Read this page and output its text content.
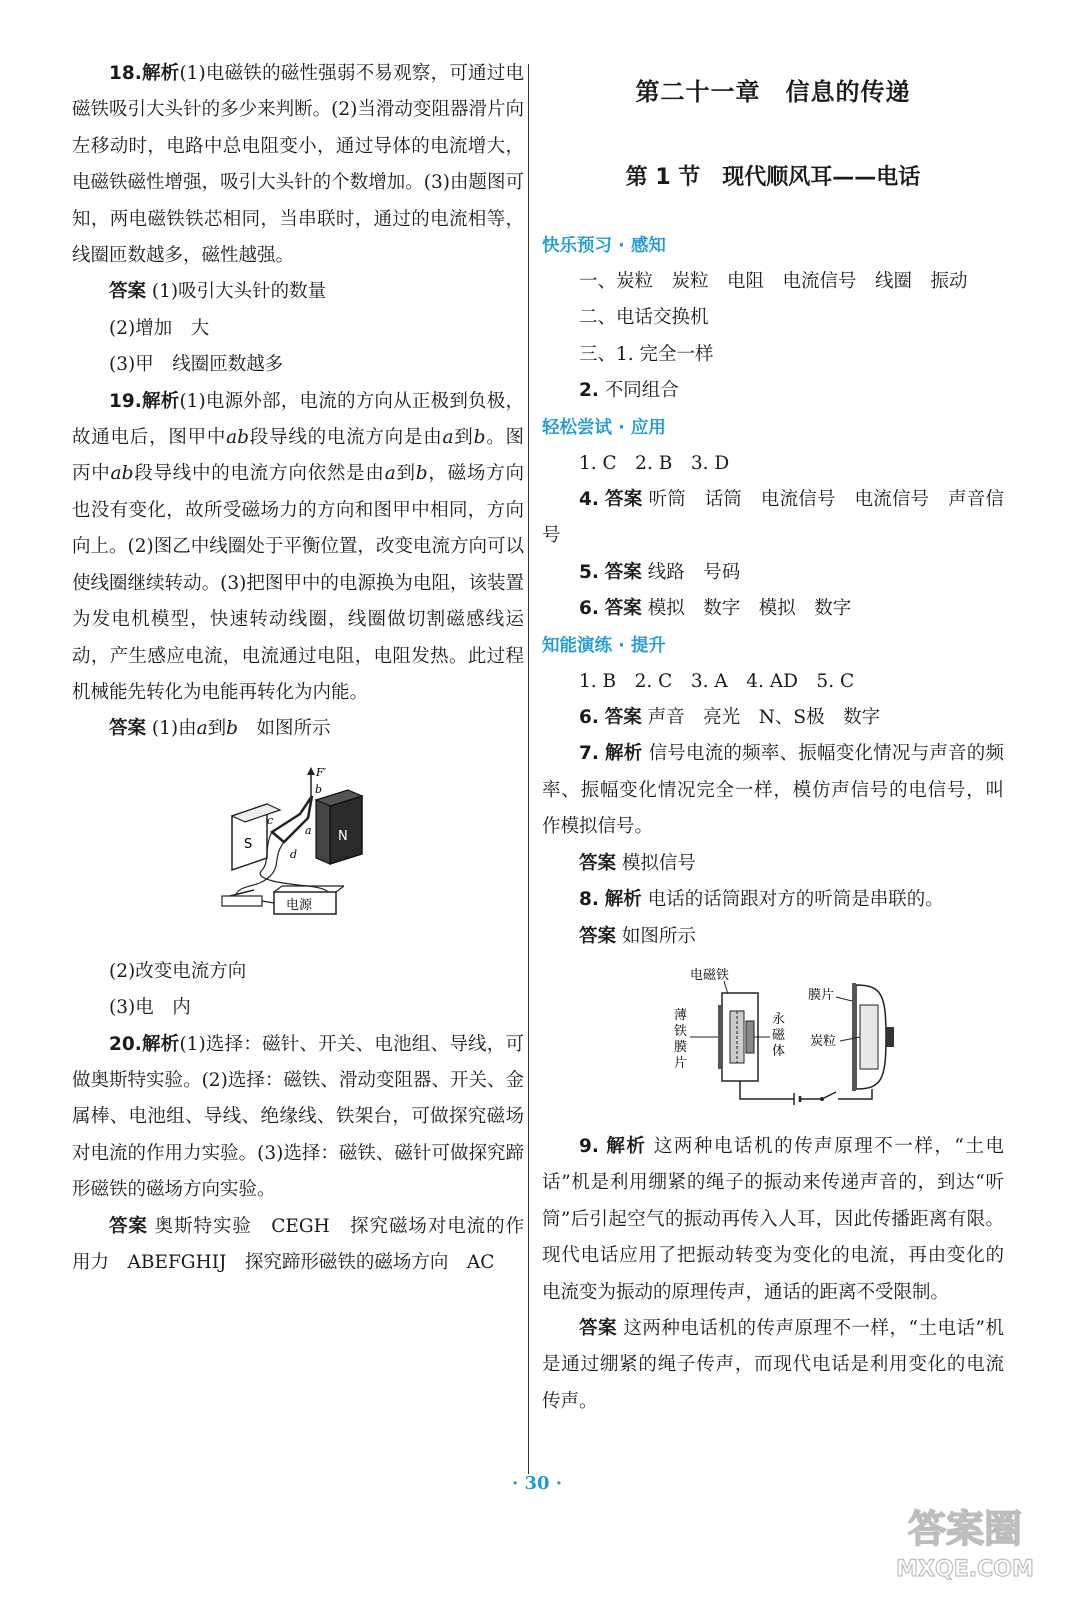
18.解析(1)电磁铁的磁性强弱不易观察，可通过电磁铁吸引大头针的多少来判断。(2)当滑动变阻器滑片向左移动时，电路中总电阻变小，通过导体的电流增大，电磁铁磁性增强，吸引大头针的个数增加。(3)由题图可知，两电磁铁铁芯相同，当串联时，通过的电流相等，线圈匝数越多，磁性越强。

答案 (1)吸引大头针的数量

(2)增加　大

(3)甲　线圈匝数越多

19.解析(1)电源外部，电流的方向从正极到负极，故通电后，图甲中ab段导线的电流方向是由a到b。图丙中ab段导线中的电流方向依然是由a到b，磁场方向也没有变化，故所受磁场力的方向和图甲中相同，方向向上。(2)图乙中线圈处于平衡位置，改变电流方向可以使线圈继续转动。(3)把图甲中的电源换为电阻，该装置为发电机模型，快速转动线圈，线圈做切割磁感线运动，产生感应电流，电流通过电阻，电阻发热。此过程机械能先转化为电能再转化为内能。

答案 (1)由a到b　如图所示

S
N
F′
b
a
c
d
电源

(2)改变电流方向

(3)电　内

20.解析(1)选择：磁针、开关、电池组、导线，可做奥斯特实验。(2)选择：磁铁、滑动变阻器、开关、金属棒、电池组、导线、绝缘线、铁架台，可做探究磁场对电流的作用力实验。(3)选择：磁铁、磁针可做探究蹄形磁铁的磁场方向实验。

答案 奥斯特实验　CEGH　探究磁场对电流的作用力　ABEFGHIJ　探究蹄形磁铁的磁场方向　AC

第二十一章　信息的传递
第 1 节　现代顺风耳——电话

快乐预习 · 感知

一、炭粒　炭粒　电阻　电流信号　线圈　振动

二、电话交换机

三、1. 完全一样

2. 不同组合

轻松尝试 · 应用

1. C　2. B　3. D

4. 答案 听筒　话筒　电流信号　电流信号　声音信号

5. 答案 线路　号码

6. 答案 模拟　数字　模拟　数字

知能演练 · 提升

1. B　2. C　3. A　4. AD　5. C

6. 答案 声音　亮光　N、S极　数字

7. 解析 信号电流的频率、振幅变化情况与声音的频率、振幅变化情况完全一样，模仿声信号的电信号，叫作模拟信号。

答案 模拟信号

8. 解析 电话的话筒跟对方的听筒是串联的。

答案 如图所示

电磁铁
薄
铁
膜
片
永
磁
体
膜片
炭粒

9. 解析 这两种电话机的传声原理不一样，“土电话”机是利用绷紧的绳子的振动来传递声音的，到达“听筒”后引起空气的振动再传入人耳，因此传播距离有限。现代电话应用了把振动转变为变化的电流，再由变化的电流变为振动的原理传声，通话的距离不受限制。

答案 这两种电话机的传声原理不一样，“土电话”机是通过绷紧的绳子传声，而现代电话是利用变化的电流传声。

· 30 ·
答案圈
MXQE.COM
